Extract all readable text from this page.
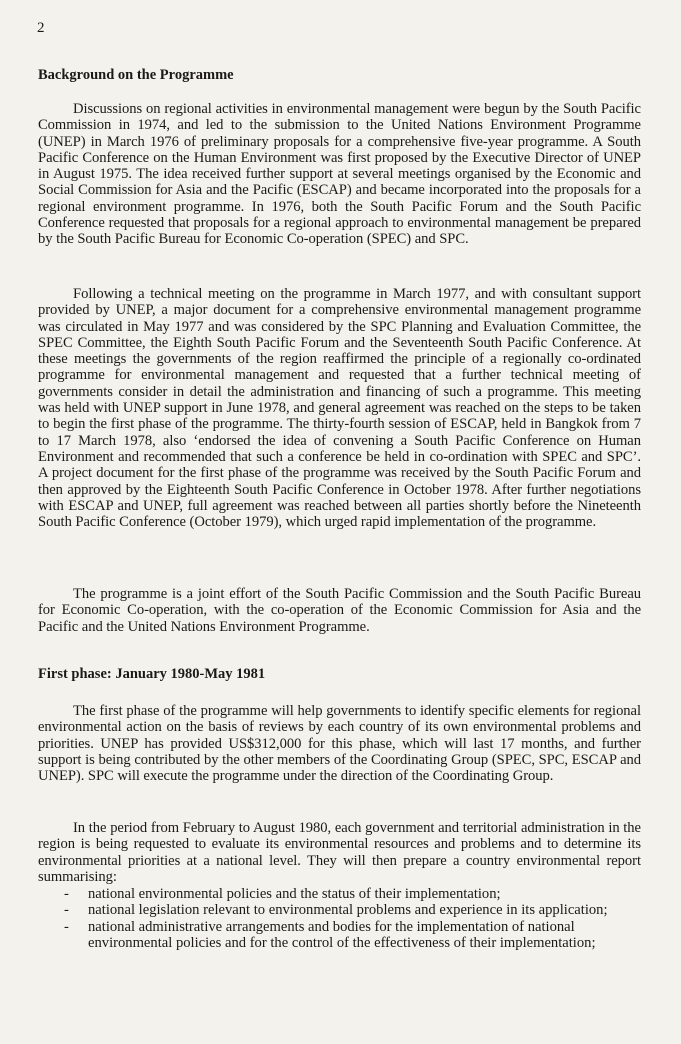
2

Background on the Programme

Discussions on regional activities in environmental management were begun by the South Pacific Commission in 1974, and led to the submission to the United Nations Environment Programme (UNEP) in March 1976 of preliminary proposals for a comprehensive five-year programme. A South Pacific Conference on the Human Environment was first proposed by the Executive Director of UNEP in August 1975. The idea received further support at several meetings organised by the Economic and Social Commission for Asia and the Pacific (ESCAP) and became incorporated into the proposals for a regional environment programme. In 1976, both the South Pacific Forum and the South Pacific Conference requested that proposals for a regional approach to environmental management be prepared by the South Pacific Bureau for Economic Co-operation (SPEC) and SPC.

Following a technical meeting on the programme in March 1977, and with consultant support provided by UNEP, a major document for a comprehensive environmental management programme was circulated in May 1977 and was considered by the SPC Planning and Evaluation Committee, the SPEC Committee, the Eighth South Pacific Forum and the Seventeenth South Pacific Conference. At these meetings the governments of the region reaffirmed the principle of a regionally co-ordinated programme for environmental management and requested that a further technical meeting of governments consider in detail the administration and financing of such a programme. This meeting was held with UNEP support in June 1978, and general agreement was reached on the steps to be taken to begin the first phase of the programme. The thirty-fourth session of ESCAP, held in Bangkok from 7 to 17 March 1978, also ‘endorsed the idea of convening a South Pacific Conference on Human Environment and recommended that such a conference be held in co-ordination with SPEC and SPC’. A project document for the first phase of the programme was received by the South Pacific Forum and then approved by the Eighteenth South Pacific Conference in October 1978. After further negotiations with ESCAP and UNEP, full agreement was reached between all parties shortly before the Nineteenth South Pacific Conference (October 1979), which urged rapid implementation of the programme.

The programme is a joint effort of the South Pacific Commission and the South Pacific Bureau for Economic Co-operation, with the co-operation of the Economic Commission for Asia and the Pacific and the United Nations Environment Programme.

First phase: January 1980-May 1981

The first phase of the programme will help governments to identify specific elements for regional environmental action on the basis of reviews by each country of its own environmental problems and priorities. UNEP has provided US$312,000 for this phase, which will last 17 months, and further support is being contributed by the other members of the Coordinating Group (SPEC, SPC, ESCAP and UNEP). SPC will execute the programme under the direction of the Coordinating Group.

In the period from February to August 1980, each government and territorial administration in the region is being requested to evaluate its environmental resources and problems and to determine its environmental priorities at a national level. They will then prepare a country environmental report summarising:

- national environmental policies and the status of their implementation;
- national legislation relevant to environmental problems and experience in its application;
- national administrative arrangements and bodies for the implementation of national environmental policies and for the control of the effectiveness of their implementation;
